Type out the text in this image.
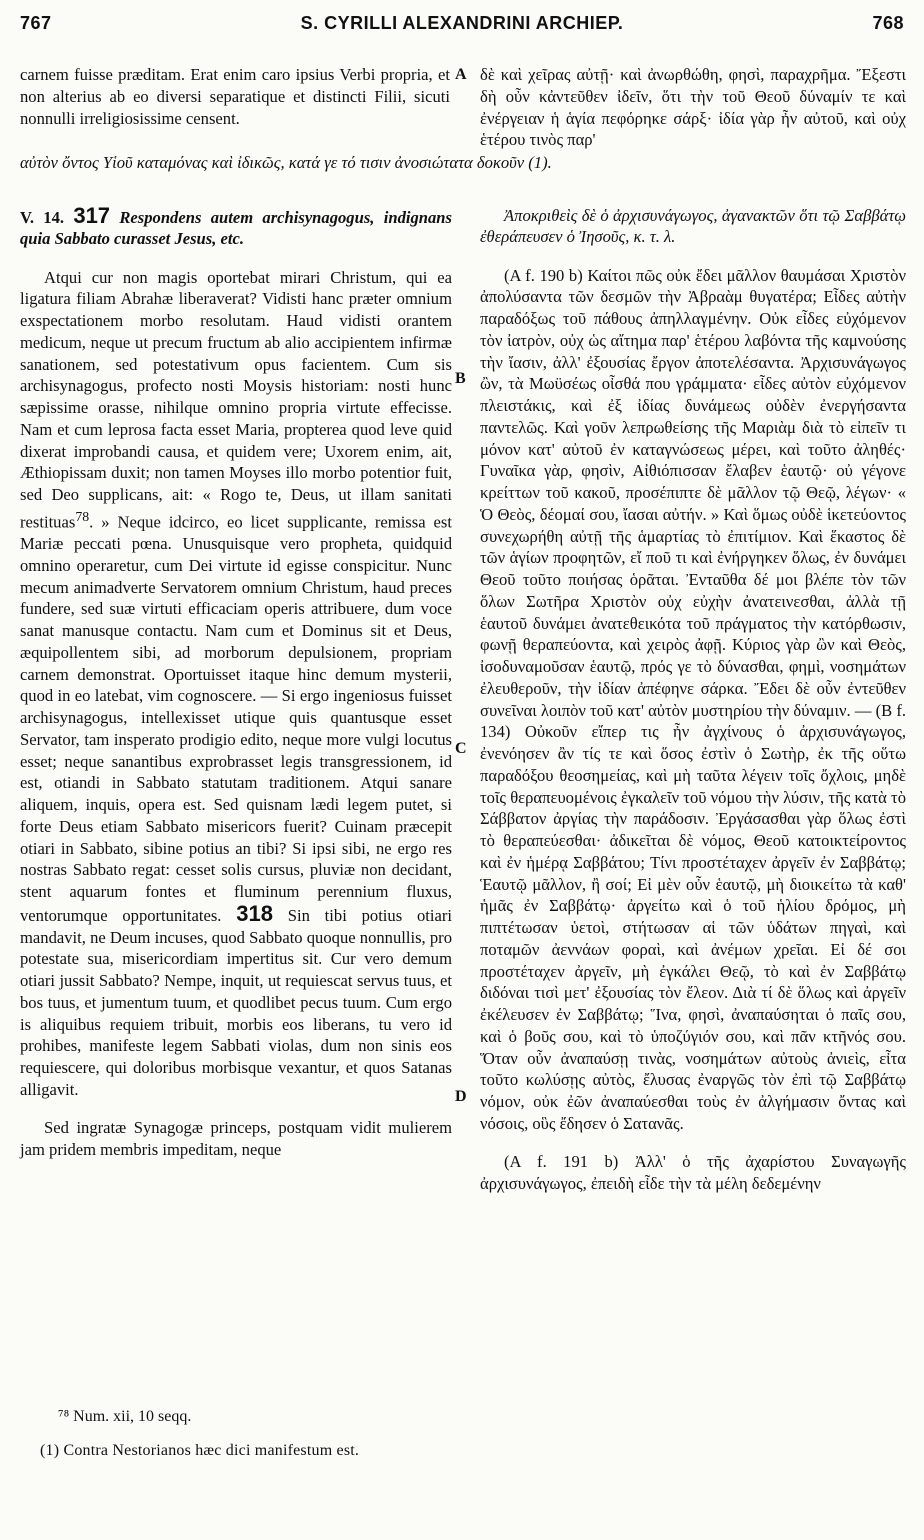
767	S. CYRILLI ALEXANDRINI ARCHIEP.	768
carnem fuisse præditam. Erat enim caro ipsius Verbi propria, et non alterius ab eo diversi separatique et distincti Filii, sicuti nonnulli irreligiosissime censent.
δὲ καὶ χεῖρας αὐτῇ· καὶ ἀνωρθώθη, φησὶ, παραχρῆμα. Ἔξεστι δὴ οὖν κἀντεῦθεν ἰδεῖν, ὅτι τὴν τοῦ Θεοῦ δύναμίν τε καὶ ἐνέργειαν ἡ ἁγία πεφόρηκε σάρξ· ἰδία γὰρ ἦν αὐτοῦ, καὶ οὐχ ἑτέρου τινὸς παρ'
αὐτὸν ὄντος Υἱοῦ καταμόνας καὶ ἰδικῶς, κατά γε τό τισιν ἀνοσιώτατα δοκοῦν (1).
A
B
C
D

V. 14. 317 Respondens autem archisynagogus, indignans quia Sabbato curasset Jesus, etc.

Atqui cur non magis oportebat mirari Christum, qui ea ligatura filiam Abrahæ liberaverat? Vidisti hanc præter omnium exspectationem morbo resolutam. Haud vidisti orantem medicum, neque ut precum fructum ab alio accipientem infirmæ sanationem, sed potestativum opus facientem. Cum sis archisynagogus, profecto nosti Moysis historiam: nosti hunc sæpissime orasse, nihilque omnino propria virtute effecisse. Nam et cum leprosa facta esset Maria, propterea quod leve quid dixerat improbandi causa, et quidem vere; Uxorem enim, ait, Æthiopissam duxit; non tamen Moyses illo morbo potentior fuit, sed Deo supplicans, ait: « Rogo te, Deus, ut illam sanitati restituas$^{78}$. » Neque idcirco, eo licet supplicante, remissa est Mariæ peccati pœna. Unusquisque vero propheta, quidquid omnino operaretur, cum Dei virtute id egisse conspicitur. Nunc mecum animadverte Servatorem omnium Christum, haud preces fundere, sed suæ virtuti efficaciam operis attribuere, dum voce sanat manusque contactu. Nam cum et Dominus sit et Deus, æquipollentem sibi, ad morborum depulsionem, propriam carnem demonstrat. Oportuisset itaque hinc demum mysterii, quod in eo latebat, vim cognoscere. — Si ergo ingeniosus fuisset archisynagogus, intellexisset utique quis quantusque esset Servator, tam insperato prodigio edito, neque more vulgi locutus esset; neque sanantibus exprobrasset legis transgressionem, id est, otiandi in Sabbato statutam traditionem. Atqui sanare aliquem, inquis, opera est. Sed quisnam lædi legem putet, si forte Deus etiam Sabbato misericors fuerit? Cuinam præcepit otiari in Sabbato, sibine potius an tibi? Si ipsi sibi, ne ergo res nostras Sabbato regat: cesset solis cursus, pluviæ non decidant, stent aquarum fontes et fluminum perennium fluxus, ventorumque opportunitates. 318 Sin tibi potius otiari mandavit, ne Deum incuses, quod Sabbato quoque nonnullis, pro potestate sua, misericordiam impertitus sit. Cur vero demum otiari jussit Sabbato? Nempe, inquit, ut requiescat servus tuus, et bos tuus, et jumentum tuum, et quodlibet pecus tuum. Cum ergo is aliquibus requiem tribuit, morbis eos liberans, tu vero id prohibes, manifeste legem Sabbati violas, dum non sinis eos requiescere, qui doloribus morbisque vexantur, et quos Satanas alligavit.

Sed ingratæ Synagogæ princeps, postquam vidit mulierem jam pridem membris impeditam, neque

Ἀποκριθεὶς δὲ ὁ ἀρχισυνάγωγος, ἀγανακτῶν ὅτι τῷ Σαββάτῳ ἐθεράπευσεν ὁ Ἰησοῦς, κ. τ. λ.

(A f. 190 b) Καίτοι πῶς οὐκ ἔδει μᾶλλον θαυμάσαι Χριστὸν ἀπολύσαντα τῶν δεσμῶν τὴν Ἀβραὰμ θυγατέρα; Εἶδες αὐτὴν παραδόξως τοῦ πάθους ἀπηλλαγμένην. Οὐκ εἶδες εὐχόμενον τὸν ἰατρὸν, οὐχ ὡς αἴτημα παρ' ἑτέρου λαβόντα τῆς καμνούσης τὴν ἴασιν, ἀλλ' ἐξουσίας ἔργον ἀποτελέσαντα. Ἀρχισυνάγωγος ὢν, τὰ Μωϋσέως οἶσθά που γράμματα· εἶδες αὐτὸν εὐχόμενον πλειστάκις, καὶ ἐξ ἰδίας δυνάμεως οὐδὲν ἐνεργήσαντα παντελῶς. Καὶ γοῦν λεπρωθείσης τῆς Μαριὰμ διὰ τὸ εἰπεῖν τι μόνον κατ' αὐτοῦ ἐν καταγνώσεως μέρει, καὶ τοῦτο ἀληθές· Γυναῖκα γὰρ, φησὶν, Αἰθιόπισσαν ἔλαβεν ἑαυτῷ· οὐ γέγονε κρείττων τοῦ κακοῦ, προσέπιπτε δὲ μᾶλλον τῷ Θεῷ, λέγων· « Ὁ Θεὸς, δέομαί σου, ἴασαι αὐτήν. » Καὶ ὅμως οὐδὲ ἱκετεύοντος συνεχωρήθη αὐτῇ τῆς ἁμαρτίας τὸ ἐπιτίμιον. Καὶ ἕκαστος δὲ τῶν ἁγίων προφητῶν, εἴ ποῦ τι καὶ ἐνήργηκεν ὅλως, ἐν δυνάμει Θεοῦ τοῦτο ποιήσας ὁρᾶται. Ἐνταῦθα δέ μοι βλέπε τὸν τῶν ὅλων Σωτῆρα Χριστὸν οὐχ εὐχὴν ἀνατεινεσθαι, ἀλλὰ τῇ ἑαυτοῦ δυνάμει ἀνατεθεικότα τοῦ πράγματος τὴν κατόρθωσιν, φωνῇ θεραπεύοντα, καὶ χειρὸς ἀφῇ. Κύριος γὰρ ὢν καὶ Θεὸς, ἰσοδυναμοῦσαν ἑαυτῷ, πρός γε τὸ δύνασθαι, φημὶ, νοσημάτων ἐλευθεροῦν, τὴν ἰδίαν ἀπέφηνε σάρκα. Ἔδει δὲ οὖν ἐντεῦθεν συνεῖναι λοιπὸν τοῦ κατ' αὐτὸν μυστηρίου τὴν δύναμιν. — (B f. 134) Οὐκοῦν εἴπερ τις ἦν ἀγχίνους ὁ ἀρχισυνάγωγος, ἐνενόησεν ἂν τίς τε καὶ ὅσος ἐστὶν ὁ Σωτὴρ, ἐκ τῆς οὕτω παραδόξου θεοσημείας, καὶ μὴ ταῦτα λέγειν τοῖς ὄχλοις, μηδὲ τοῖς θεραπευομένοις ἐγκαλεῖν τοῦ νόμου τὴν λύσιν, τῆς κατὰ τὸ Σάββατον ἀργίας τὴν παράδοσιν. Ἐργάσασθαι γὰρ ὅλως ἐστὶ τὸ θεραπεύεσθαι· ἀδικεῖται δὲ νόμος, Θεοῦ κατοικτείροντος καὶ ἐν ἡμέρᾳ Σαββάτου; Τίνι προστέταχεν ἀργεῖν ἐν Σαββάτῳ; Ἑαυτῷ μᾶλλον, ἢ σοί; Εἰ μὲν οὖν ἑαυτῷ, μὴ διοικείτω τὰ καθ' ἡμᾶς ἐν Σαββάτῳ· ἀργείτω καὶ ὁ τοῦ ἡλίου δρόμος, μὴ πιπτέτωσαν ὑετοὶ, στήτωσαν αἱ τῶν ὑδάτων πηγαὶ, καὶ ποταμῶν ἀεννάων φοραὶ, καὶ ἀνέμων χρεῖαι. Εἰ δέ σοι προστέταχεν ἀργεῖν, μὴ ἐγκάλει Θεῷ, τὸ καὶ ἐν Σαββάτῳ διδόναι τισὶ μετ' ἐξουσίας τὸν ἔλεον. Διὰ τί δὲ ὅλως καὶ ἀργεῖν ἐκέλευσεν ἐν Σαββάτῳ; Ἵνα, φησὶ, ἀναπαύσηται ὁ παῖς σου, καὶ ὁ βοῦς σου, καὶ τὸ ὑποζύγιόν σου, καὶ πᾶν κτῆνός σου. Ὅταν οὖν ἀναπαύσῃ τινὰς, νοσημάτων αὐτοὺς ἀνιεὶς, εἶτα τοῦτο κωλύσῃς αὐτὸς, ἔλυσας ἐναργῶς τὸν ἐπὶ τῷ Σαββάτῳ νόμον, οὐκ ἐῶν ἀναπαύεσθαι τοὺς ἐν ἀλγήμασιν ὄντας καὶ νόσοις, οὓς ἔδησεν ὁ Σατανᾶς.

(A f. 191 b) Ἀλλ' ὁ τῆς ἀχαρίστου Συναγωγῆς ἀρχισυνάγωγος, ἐπειδὴ εἶδε τὴν τὰ μέλη δεδεμένην

⁷⁸ Num. xii, 10 seqq.
(1) Contra Nestorianos hæc dici manifestum est.
